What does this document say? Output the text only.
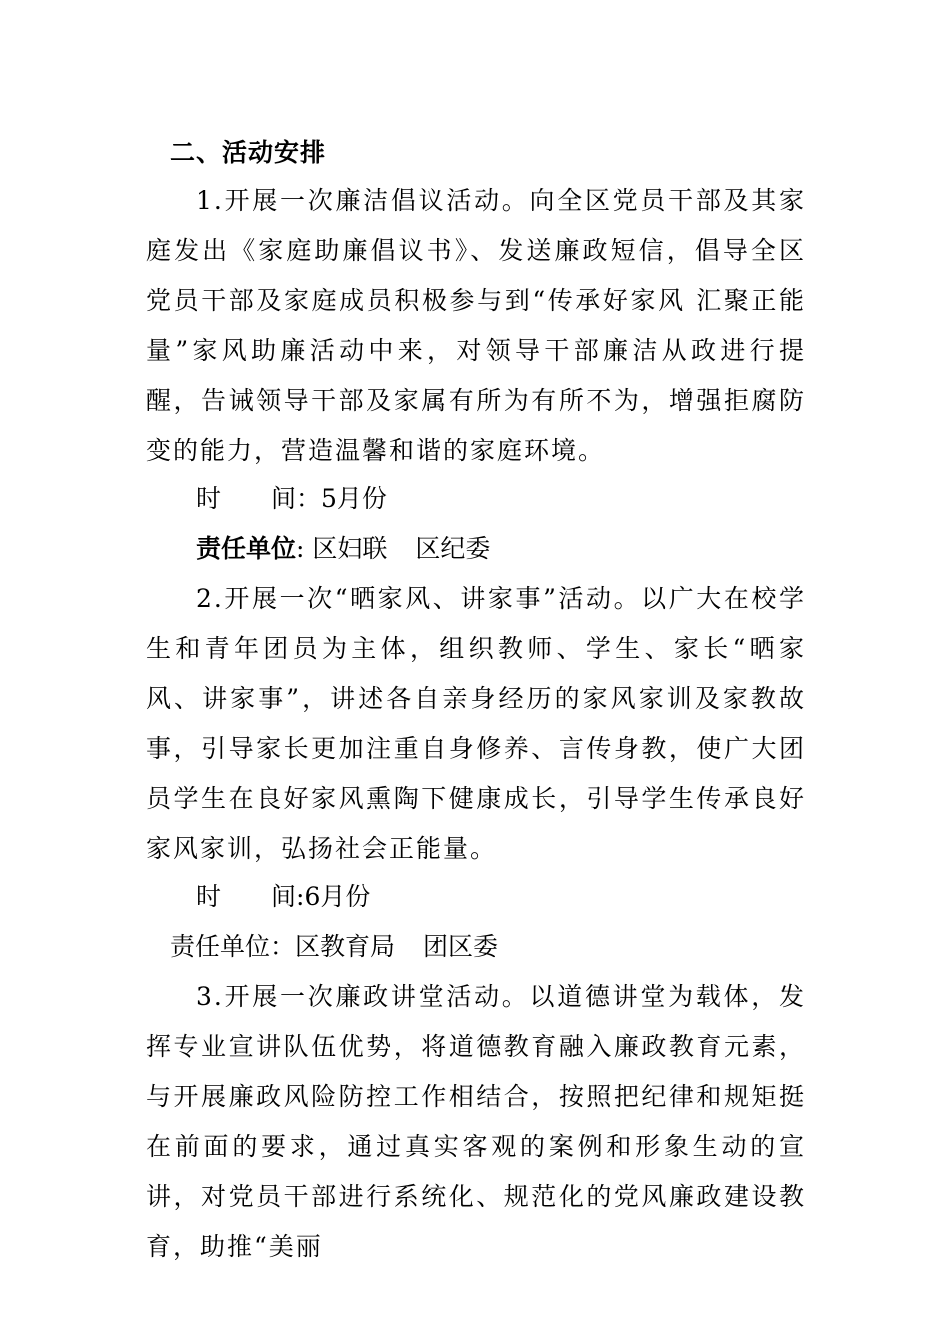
二、活动安排
1.开展一次廉洁倡议活动。向全区党员干部及其家庭发出《家庭助廉倡议书》、发送廉政短信，倡导全区党员干部及家庭成员积极参与到“传承好家风 汇聚正能量”家风助廉活动中来，对领导干部廉洁从政进行提醒，告诫领导干部及家属有所为有所不为，增强拒腐防变的能力，营造温馨和谐的家庭环境。
时　　间：5月份
责任单位: 区妇联 区纪委
2.开展一次“晒家风、讲家事”活动。以广大在校学生和青年团员为主体，组织教师、学生、家长“晒家风、讲家事”，讲述各自亲身经历的家风家训及家教故事，引导家长更加注重自身修养、言传身教，使广大团员学生在良好家风熏陶下健康成长，引导学生传承良好家风家训，弘扬社会正能量。
时　　间:6月份
责任单位：区教育局 团区委
3.开展一次廉政讲堂活动。以道德讲堂为载体，发挥专业宣讲队伍优势，将道德教育融入廉政教育元素，与开展廉政风险防控工作相结合，按照把纪律和规矩挺在前面的要求，通过真实客观的案例和形象生动的宣讲，对党员干部进行系统化、规范化的党风廉政建设教育，助推“美丽
